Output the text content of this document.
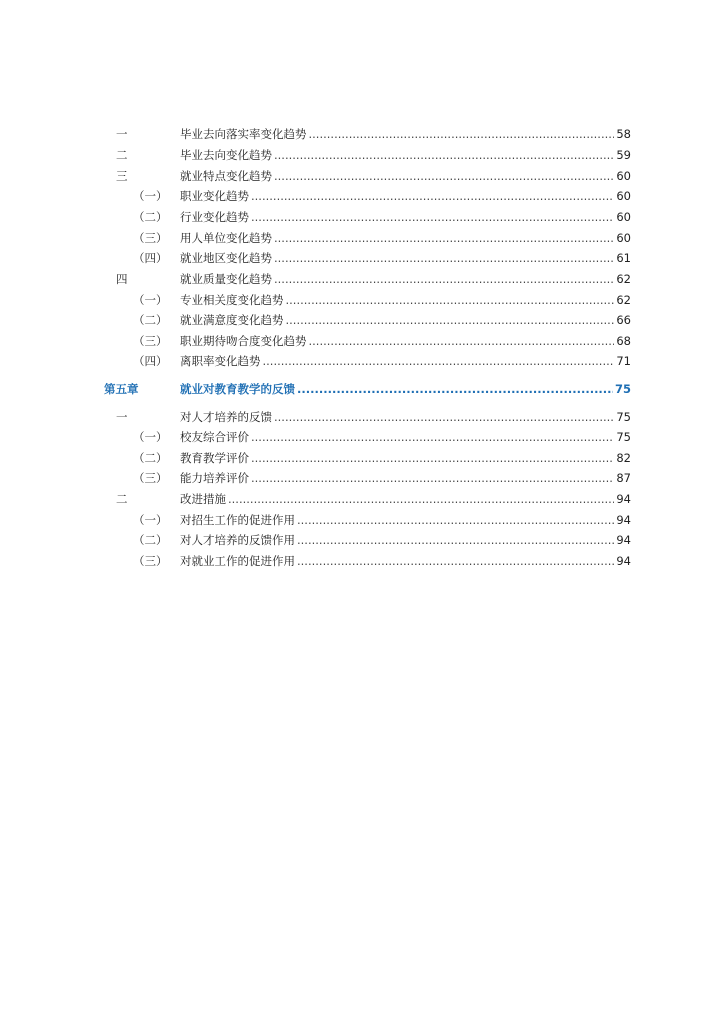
一	毕业去向落实率变化趋势 .....	58
二	毕业去向变化趋势 .....	59
三	就业特点变化趋势 .....	60
（一） 职业变化趋势 .....	60
（二） 行业变化趋势 .....	60
（三） 用人单位变化趋势 .....	60
（四） 就业地区变化趋势 .....	61
四	就业质量变化趋势 .....	62
（一） 专业相关度变化趋势 .....	62
（二） 就业满意度变化趋势 .....	66
（三） 职业期待吻合度变化趋势 .....	68
（四） 离职率变化趋势 .....	71
第五章	就业对教育教学的反馈 .....	75
一	对人才培养的反馈 .....	75
（一） 校友综合评价 .....	75
（二） 教育教学评价 .....	82
（三） 能力培养评价 .....	87
二	改进措施 .....	94
（一） 对招生工作的促进作用 .....	94
（二） 对人才培养的反馈作用 .....	94
（三） 对就业工作的促进作用 .....	94
